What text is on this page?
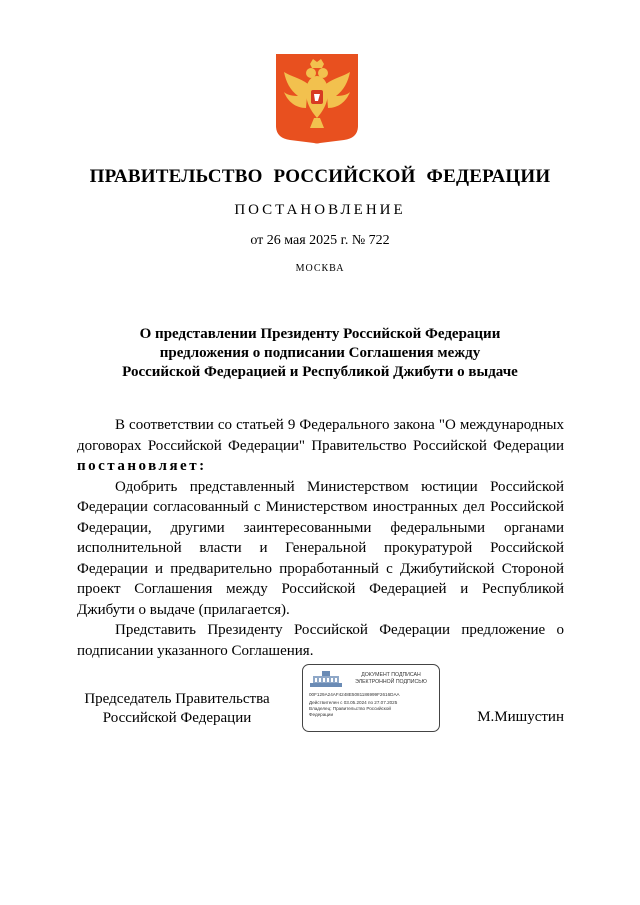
ПРАВИТЕЛЬСТВО РОССИЙСКОЙ ФЕДЕРАЦИИ
ПОСТАНОВЛЕНИЕ
от 26 мая 2025 г. № 722
МОСКВА
О представлении Президенту Российской Федерации
предложения о подписании Соглашения между
Российской Федерацией и Республикой Джибути о выдаче

В соответствии со статьей 9 Федерального закона "О международных договорах Российской Федерации" Правительство Российской Федерации постановляет:

Одобрить представленный Министерством юстиции Российской Федерации согласованный с Министерством иностранных дел Российской Федерации, другими заинтересованными федеральными органами исполнительной власти и Генеральной прокуратурой Российской Федерации и предварительно проработанный с Джибутийской Стороной проект Соглашения между Российской Федерацией и Республикой Джибути о выдаче (прилагается).

Представить Президенту Российской Федерации предложение о подписании указанного Соглашения.

Председатель Правительства
Российской Федерации
ДОКУМЕНТ ПОДПИСАН
ЭЛЕКТРОННОЙ ПОДПИСЬЮ
00F129A24AF4248E5081186999F2616DAA
Действителен с 03.05.2024 по 27.07.2025
Владелец: Правительство Российской
Федерации	М.Мишустин
